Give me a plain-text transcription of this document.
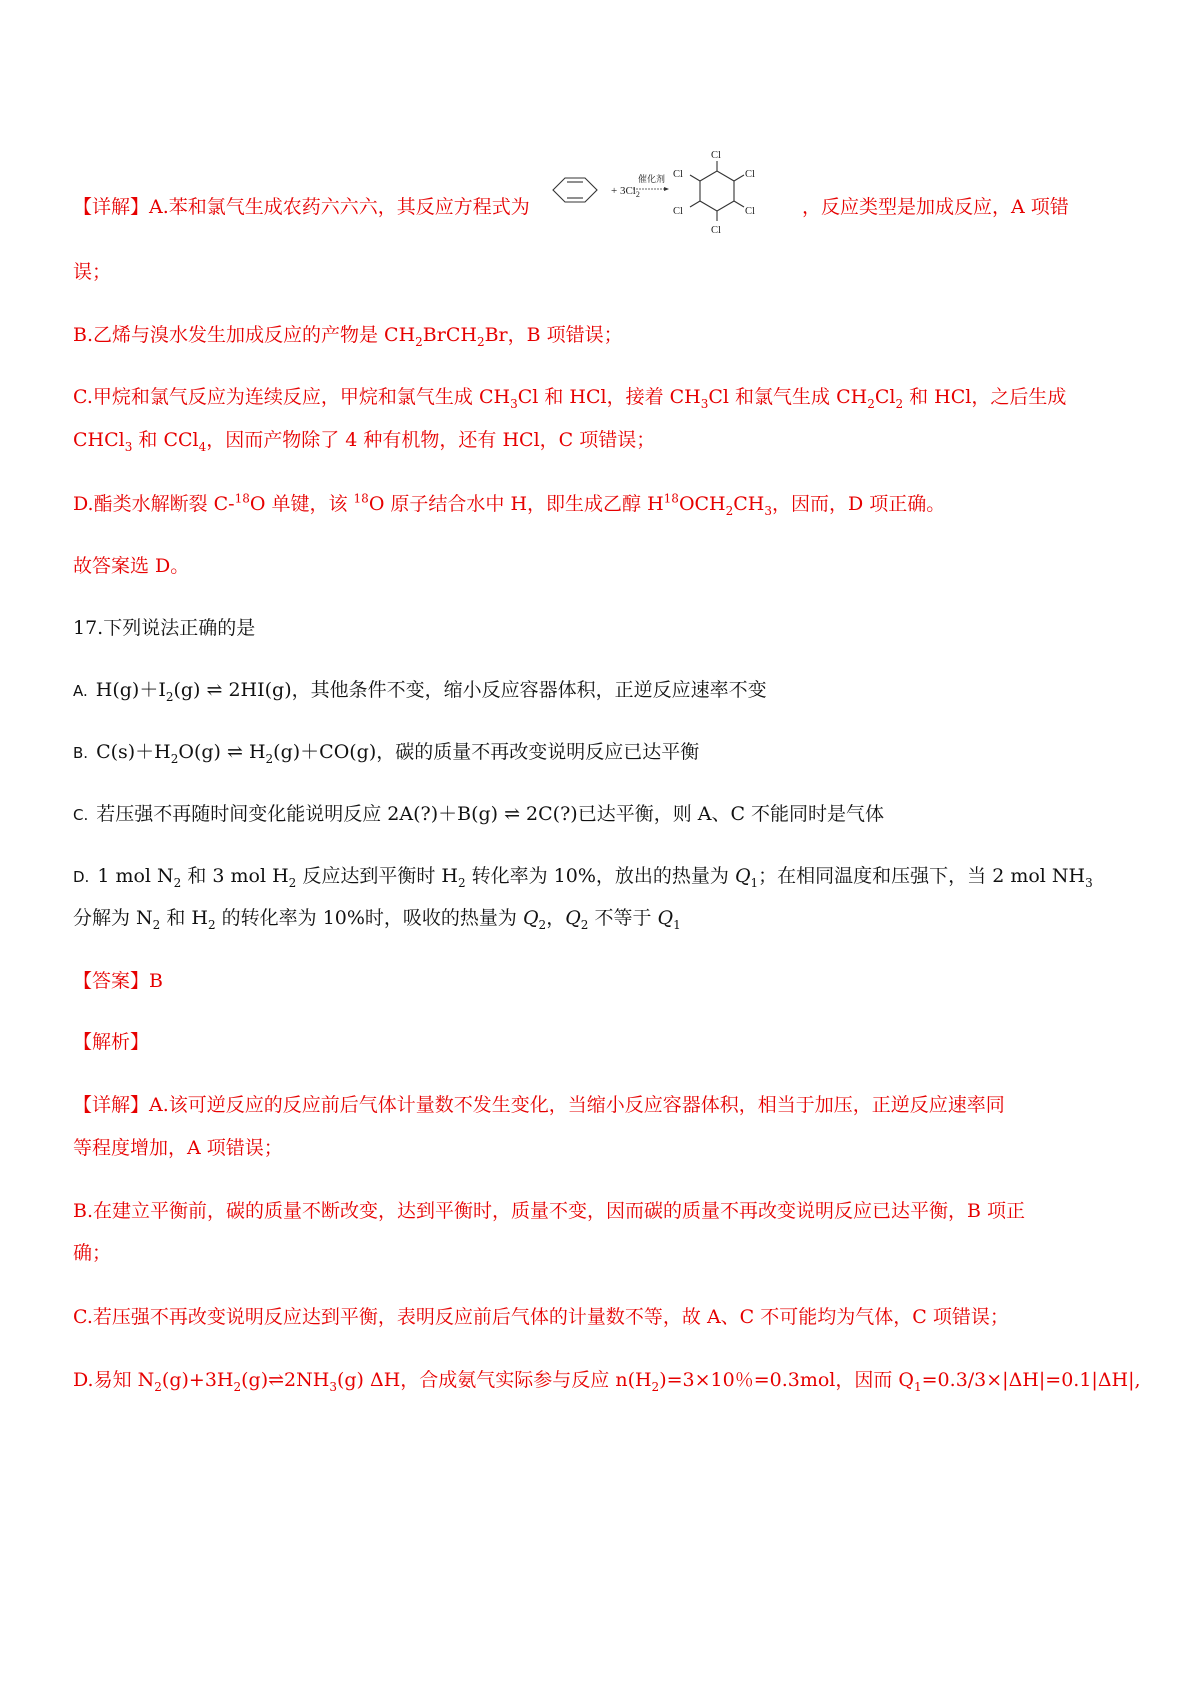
【详解】A.苯和氯气生成农药六六六，其反应方程式为
+ $3Cl_2$
催化剂
Cl
Cl	Cl
Cl	Cl
Cl
，反应类型是加成反应，A 项错
误；
B.乙烯与溴水发生加成反应的产物是 $CH_2BrCH_2Br$，B 项错误；
C.甲烷和氯气反应为连续反应，甲烷和氯气生成 $CH_3Cl$ 和 HCl，接着 $CH_3Cl$ 和氯气生成 $CH_2Cl_2$ 和 HCl，之后生成
CHCl$_3$ 和 CCl$_4$，因而产物除了 4 种有机物，还有 HCl，C 项错误；
D.酯类水解断裂 C-$^{18}$O 单键，该 $^{18}$O 原子结合水中 H，即生成乙醇 $H^{18}OCH_2CH_3$，因而，D 项正确。
故答案选 D。
17.下列说法正确的是
A. $H(g)+I_2(g)$ ⇌ 2HI(g)，其他条件不变，缩小反应容器体积，正逆反应速率不变
B. $C(s)+H_2O(g)$ ⇌ $H_2(g)+CO(g)$，碳的质量不再改变说明反应已达平衡
C. 若压强不再随时间变化能说明反应 2A(?)＋B(g) ⇌ 2C(?)已达平衡，则 A、C 不能同时是气体
D. 1 mol $N_2$ 和 3 mol $H_2$ 反应达到平衡时 $H_2$ 转化率为 10%，放出的热量为 $Q_1$；在相同温度和压强下，当 2 mol $NH_3$
分解为 $N_2$ 和 $H_2$ 的转化率为 10%时，吸收的热量为 $Q_2$，$Q_2$ 不等于 $Q_1$
【答案】B
【解析】
【详解】A.该可逆反应的反应前后气体计量数不发生变化，当缩小反应容器体积，相当于加压，正逆反应速率同
等程度增加，A 项错误；
B.在建立平衡前，碳的质量不断改变，达到平衡时，质量不变，因而碳的质量不再改变说明反应已达平衡，B 项正
确；
C.若压强不再改变说明反应达到平衡，表明反应前后气体的计量数不等，故 A、C 不可能均为气体，C 项错误；
D.易知 $N_2(g)+3H_2(g)\rightleftharpoons 2NH_3(g)$ ΔH，合成氨气实际参与反应 $n(H_2)=3\times 10$％=0.3mol，因而 $Q_1=0.3/3\times|\Delta H|=0.1|\Delta H|$,
